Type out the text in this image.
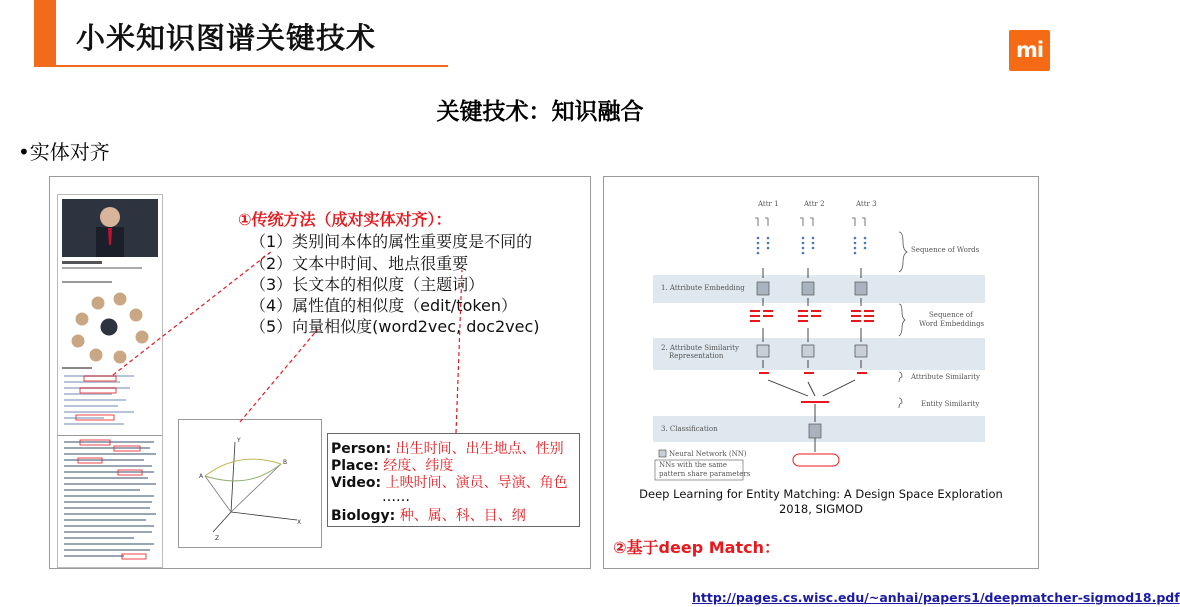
小米知识图谱关键技术	mi
关键技术：知识融合
•实体对齐
①传统方法（成对实体对齐）：
（1）类别间本体的属性重要度是不同的
（2）文本中时间、地点很重要
（3）长文本的相似度（主题词）
（4）属性值的相似度（edit/token）
（5）向量相似度(word2vec, doc2vec)
Y
X
Z
A
B
Person: 出生时间、出生地点、性别
Place: 经度、纬度
Video: 上映时间、演员、导演、角色
……
Biology: 种、属、科、目、纲
Attr 1	Attr 2	Attr 3
Sequence of Words
1. Attribute Embedding
Sequence of
Word Embeddings
2. Attribute Similarity
Representation
Attribute Similarity
Entity Similarity
3. Classification
Neural Network (NN)
NNs with the same
pattern share parameters
Deep Learning for Entity Matching: A Design Space Exploration
2018, SIGMOD
②基于deep Match：
http://pages.cs.wisc.edu/~anhai/papers1/deepmatcher-sigmod18.pdf
